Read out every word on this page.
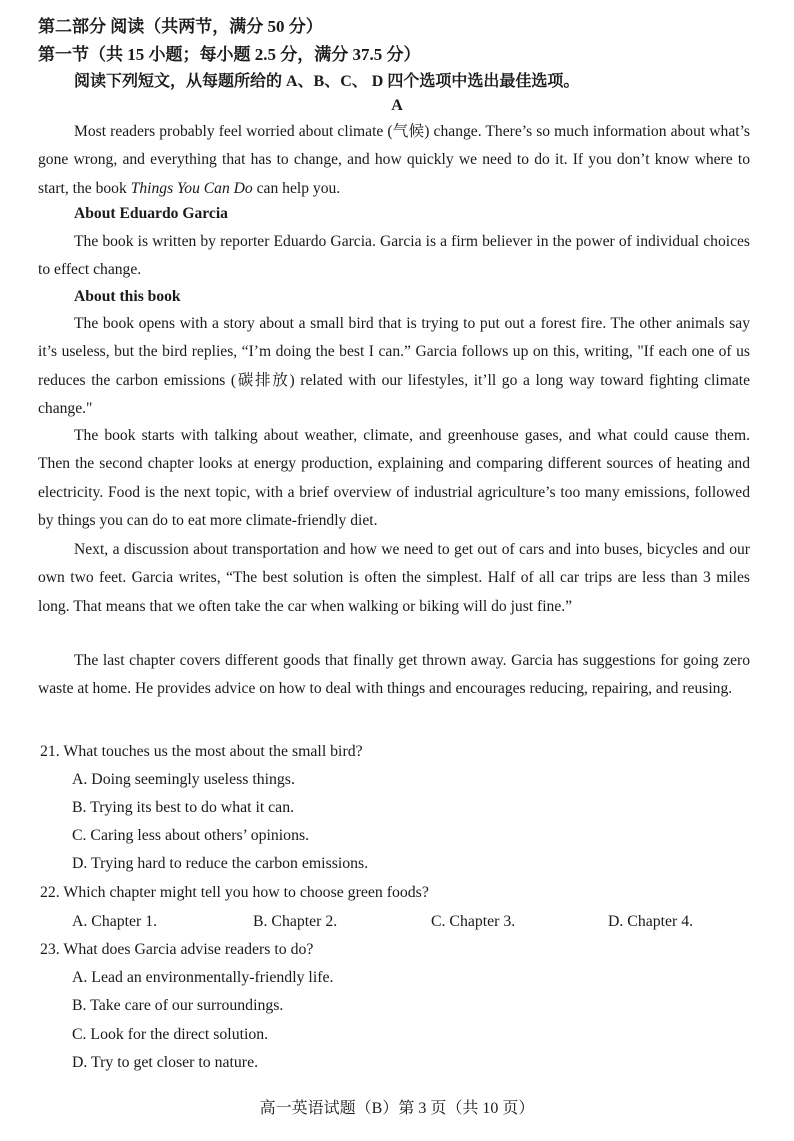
第二部分 阅读（共两节，满分 50 分）
第一节（共 15 小题；每小题 2.5 分，满分 37.5 分）
阅读下列短文，从每题所给的 A、B、C、 D 四个选项中选出最佳选项。
A
Most readers probably feel worried about climate (气候) change. There’s so much information about what’s gone wrong, and everything that has to change, and how quickly we need to do it. If you don’t know where to start, the book Things You Can Do can help you.
About Eduardo Garcia
The book is written by reporter Eduardo Garcia. Garcia is a firm believer in the power of individual choices to effect change.
About this book
The book opens with a story about a small bird that is trying to put out a forest fire. The other animals say it’s useless, but the bird replies, “I’m doing the best I can.” Garcia follows up on this, writing, "If each one of us reduces the carbon emissions (碳排放) related with our lifestyles, it’ll go a long way toward fighting climate change."
The book starts with talking about weather, climate, and greenhouse gases, and what could cause them. Then the second chapter looks at energy production, explaining and comparing different sources of heating and electricity. Food is the next topic, with a brief overview of industrial agriculture’s too many emissions, followed by things you can do to eat more climate-friendly diet.
Next, a discussion about transportation and how we need to get out of cars and into buses, bicycles and our own two feet. Garcia writes, “The best solution is often the simplest. Half of all car trips are less than 3 miles long. That means that we often take the car when walking or biking will do just fine.”
The last chapter covers different goods that finally get thrown away. Garcia has suggestions for going zero waste at home. He provides advice on how to deal with things and encourages reducing, repairing, and reusing.
21. What touches us the most about the small bird?
A. Doing seemingly useless things.
B. Trying its best to do what it can.
C. Caring less about others’ opinions.
D. Trying hard to reduce the carbon emissions.
22. Which chapter might tell you how to choose green foods?
A. Chapter 1.	B. Chapter 2.	C. Chapter 3.	D. Chapter 4.
23. What does Garcia advise readers to do?
A. Lead an environmentally-friendly life.
B. Take care of our surroundings.
C. Look for the direct solution.
D. Try to get closer to nature.
高一英语试题（B）第 3 页（共 10 页）
